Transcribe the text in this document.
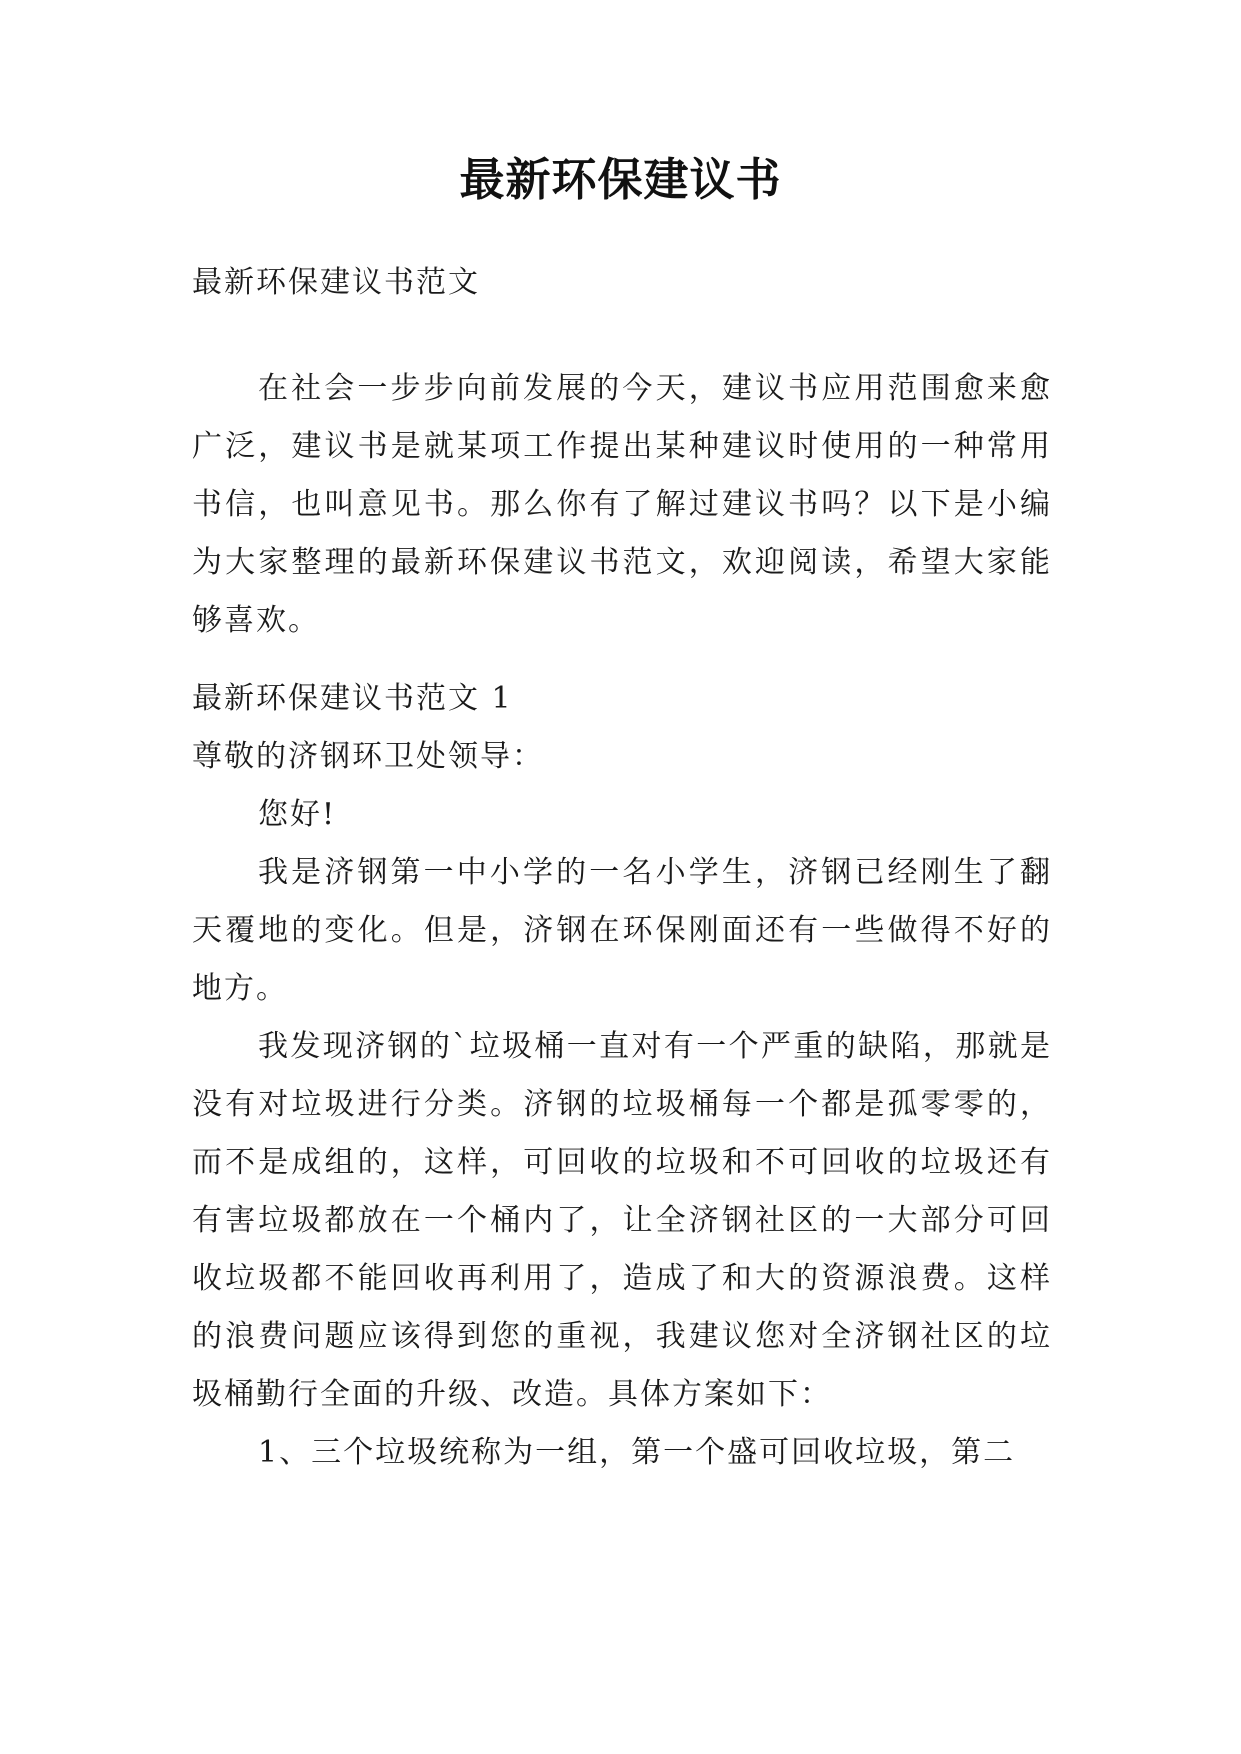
最新环保建议书

最新环保建议书范文

在社会一步步向前发展的今天，建议书应用范围愈来愈广泛，建议书是就某项工作提出某种建议时使用的一种常用书信，也叫意见书。那么你有了解过建议书吗？以下是小编为大家整理的最新环保建议书范文，欢迎阅读，希望大家能够喜欢。

最新环保建议书范文 1

尊敬的济钢环卫处领导：

您好!

我是济钢第一中小学的一名小学生，济钢已经刚生了翻天覆地的变化。但是，济钢在环保刚面还有一些做得不好的地方。

我发现济钢的`垃圾桶一直对有一个严重的缺陷，那就是没有对垃圾进行分类。济钢的垃圾桶每一个都是孤零零的，而不是成组的，这样，可回收的垃圾和不可回收的垃圾还有有害垃圾都放在一个桶内了，让全济钢社区的一大部分可回收垃圾都不能回收再利用了，造成了和大的资源浪费。这样的浪费问题应该得到您的重视，我建议您对全济钢社区的垃圾桶勤行全面的升级、改造。具体方案如下：

1、三个垃圾统称为一组，第一个盛可回收垃圾，第二
